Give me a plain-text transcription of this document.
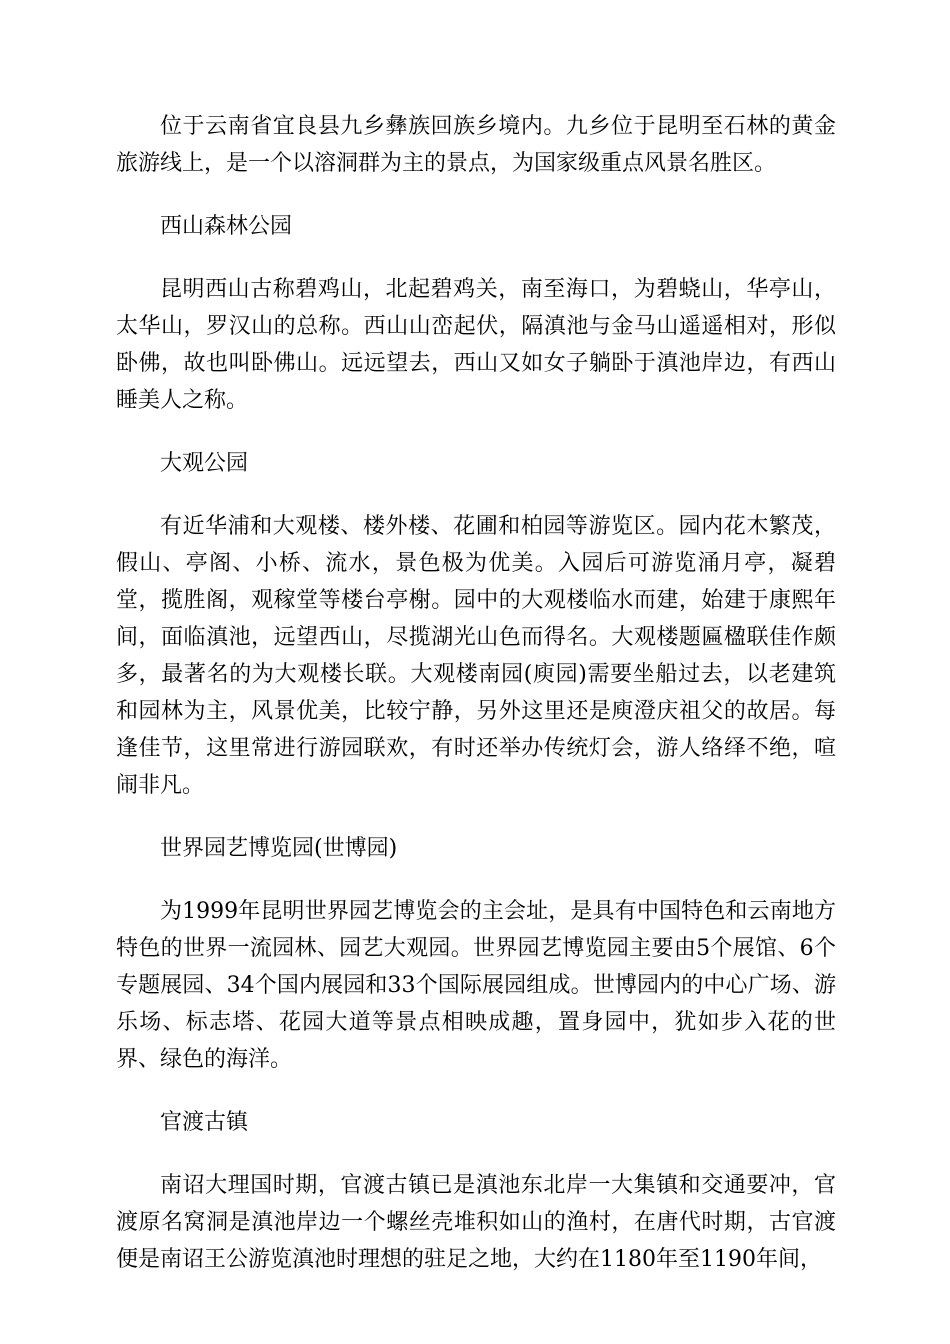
位于云南省宜良县九乡彝族回族乡境内。九乡位于昆明至石林的黄金旅游线上，是一个以溶洞群为主的景点，为国家级重点风景名胜区。

西山森林公园

昆明西山古称碧鸡山，北起碧鸡关，南至海口，为碧蛲山，华亭山，太华山，罗汉山的总称。西山山峦起伏，隔滇池与金马山遥遥相对，形似卧佛，故也叫卧佛山。远远望去，西山又如女子躺卧于滇池岸边，有西山睡美人之称。

大观公园

有近华浦和大观楼、楼外楼、花圃和柏园等游览区。园内花木繁茂，假山、亭阁、小桥、流水，景色极为优美。入园后可游览涌月亭，凝碧堂，揽胜阁，观稼堂等楼台亭榭。园中的大观楼临水而建，始建于康熙年间，面临滇池，远望西山，尽揽湖光山色而得名。大观楼题匾楹联佳作颇多，最著名的为大观楼长联。大观楼南园(庾园)需要坐船过去，以老建筑和园林为主，风景优美，比较宁静，另外这里还是庾澄庆祖父的故居。每逢佳节，这里常进行游园联欢，有时还举办传统灯会，游人络绎不绝，喧闹非凡。

世界园艺博览园(世博园)

为1999年昆明世界园艺博览会的主会址，是具有中国特色和云南地方特色的世界一流园林、园艺大观园。世界园艺博览园主要由5个展馆、6个专题展园、34个国内展园和33个国际展园组成。世博园内的中心广场、游乐场、标志塔、花园大道等景点相映成趣，置身园中，犹如步入花的世界、绿色的海洋。

官渡古镇

南诏大理国时期，官渡古镇已是滇池东北岸一大集镇和交通要冲，官渡原名窝洞是滇池岸边一个螺丝壳堆积如山的渔村，在唐代时期，古官渡便是南诏王公游览滇池时理想的驻足之地，大约在1180年至1190年间，
